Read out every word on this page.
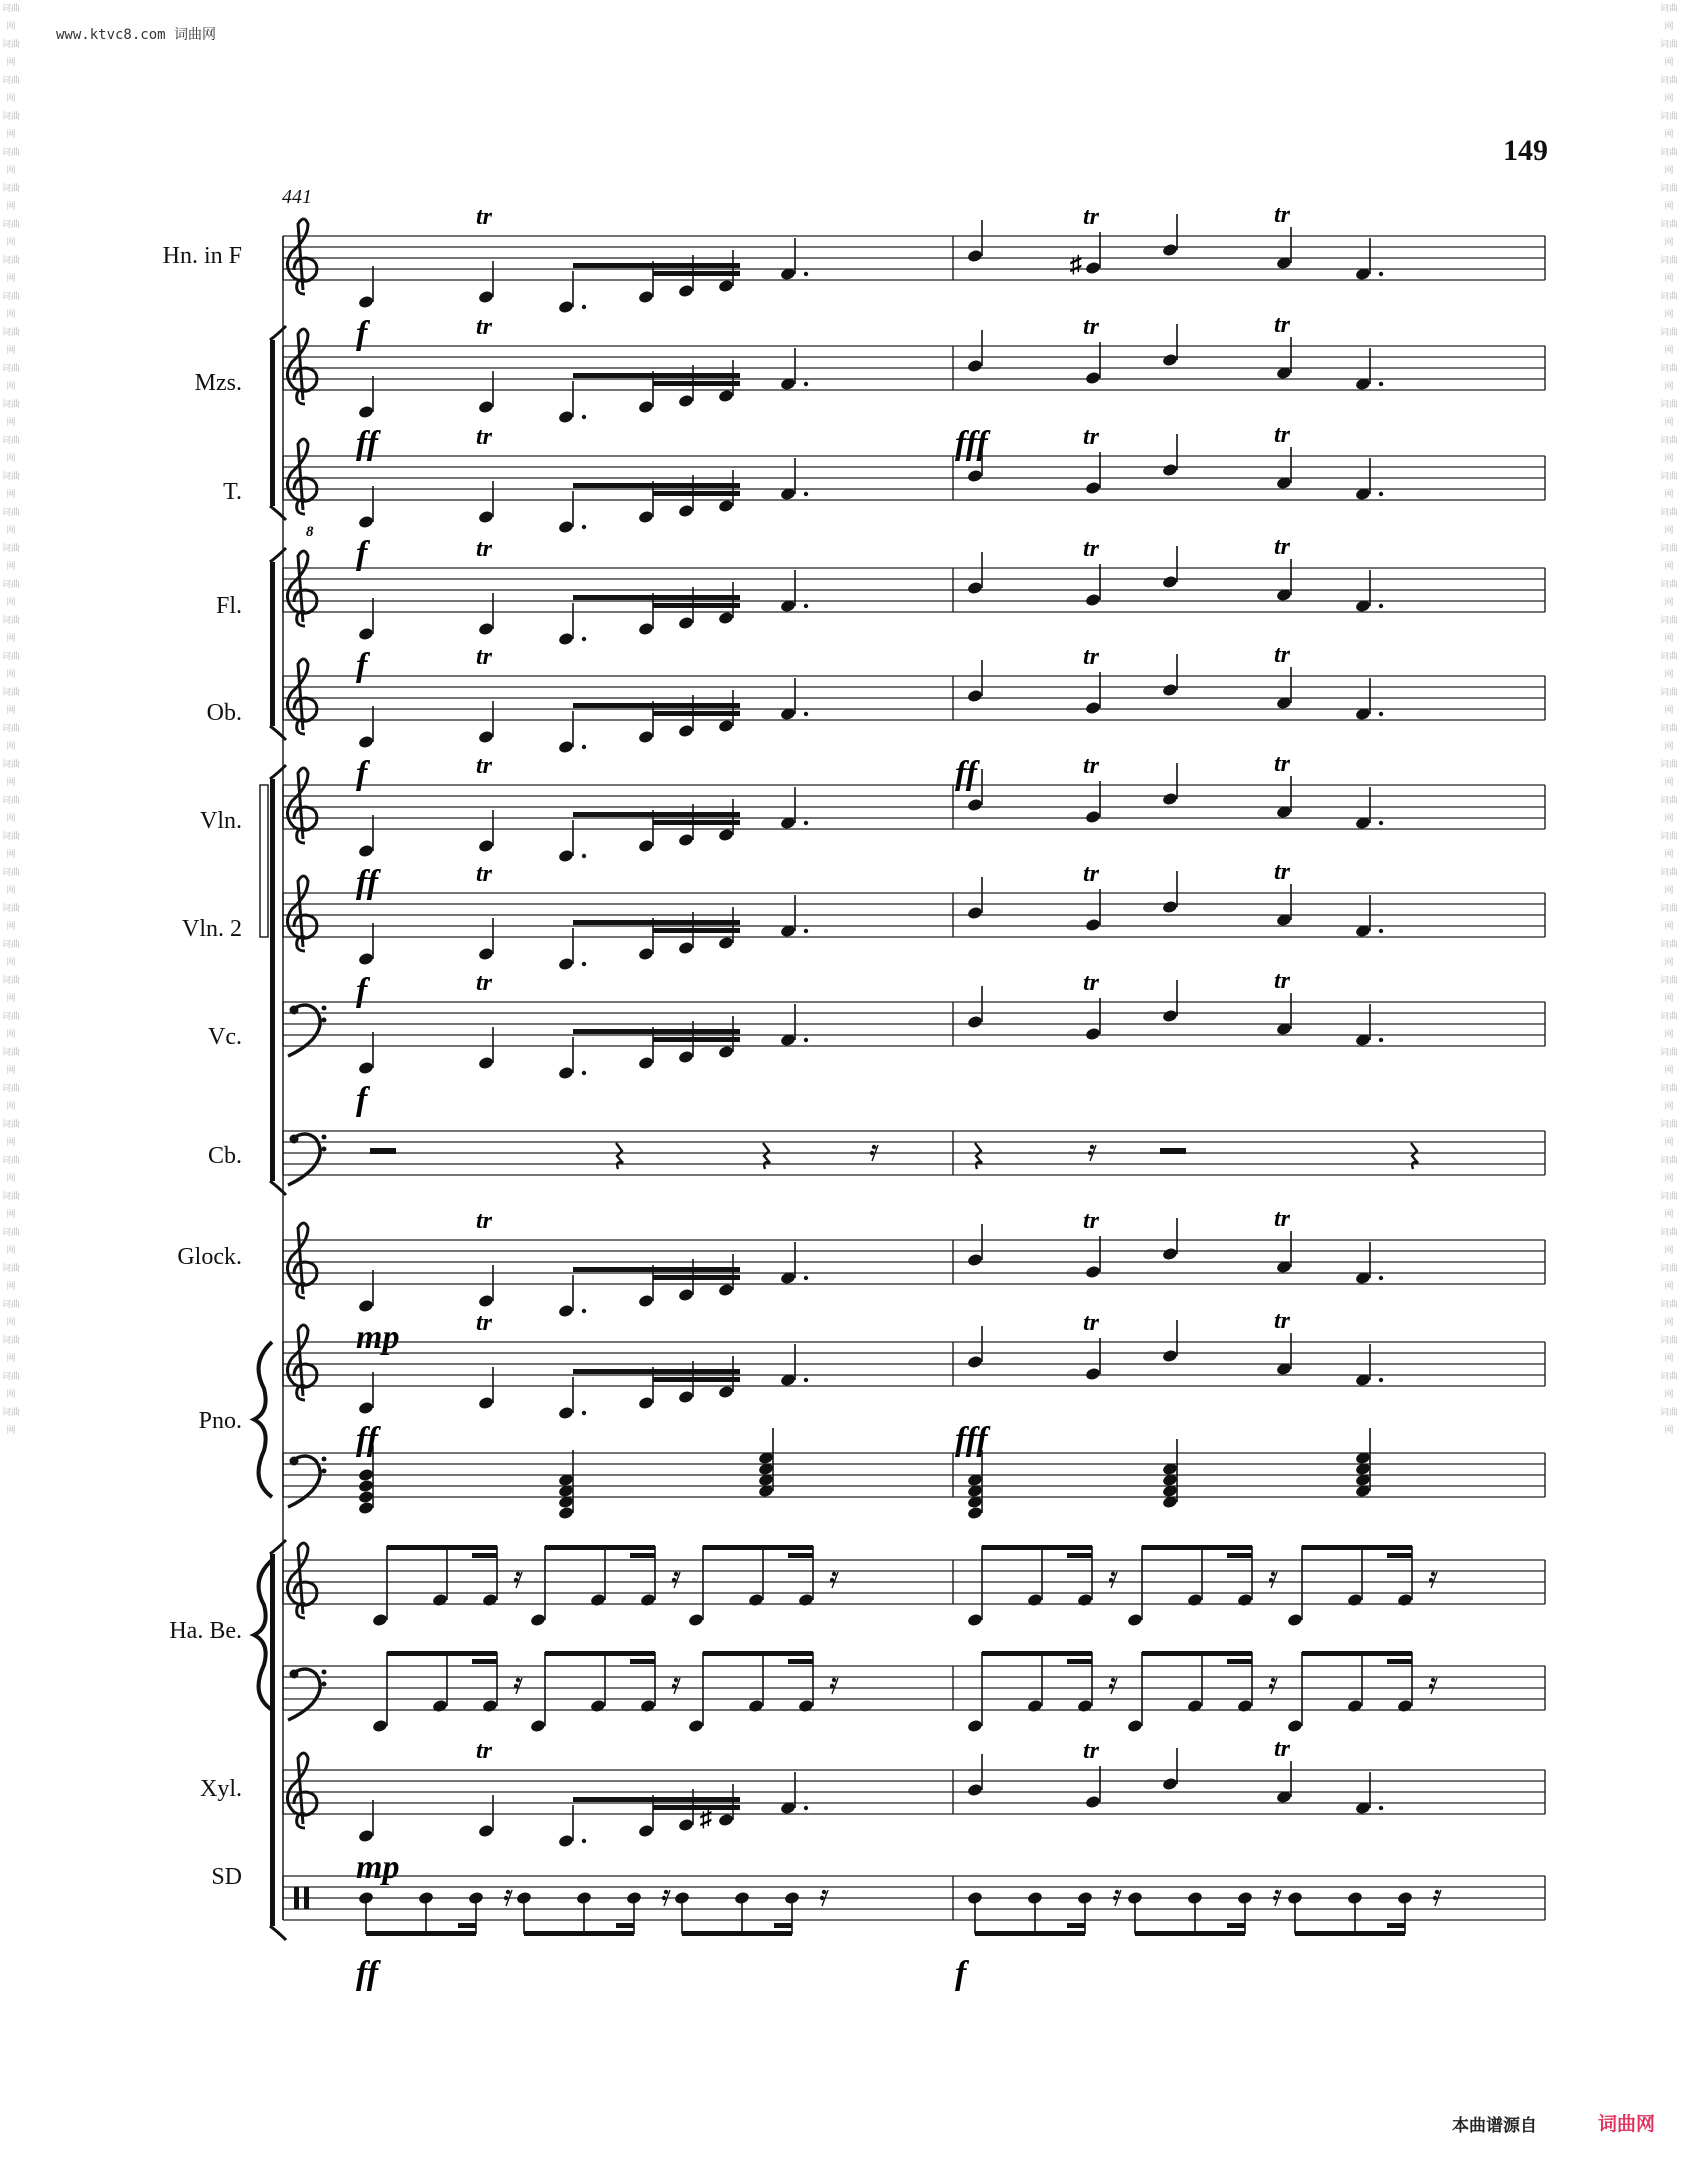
www.ktvc8.com 词曲网
149
441
Hn. in F
Mzs.
T.
Fl.
Ob.
Vln.
Vln. 2
Vc.
Cb.
Glock.
Pno.
Ha. Be.
Xyl.
SD
tr	tr	tr
♯
f	tr	tr	tr
ff	fff
8
tr	tr	tr
f	tr	tr	tr
f	tr	tr	tr
f	ff
tr	tr	tr
ff	tr	tr	tr
f	tr	tr	tr
f
tr	tr	tr
mp	tr	tr	tr
ff	fff
tr	tr	tr
♯
mp
ff	f
本曲谱源自	词曲网
词曲网 词曲网 词曲网 词曲网 词曲网 词曲网 词曲网 词曲网 词曲网 词曲网 词曲网 词曲网 词曲网 词曲网 词曲网 词曲网 词曲网 词曲网 词曲网 词曲网 词曲网 词曲网 词曲网 词曲网 词曲网 词曲网 词曲网 词曲网 词曲网 词曲网 词曲网 词曲网 词曲网 词曲网 词曲网 词曲网 词曲网 词曲网 词曲网 词曲网
词曲网 词曲网 词曲网 词曲网 词曲网 词曲网 词曲网 词曲网 词曲网 词曲网 词曲网 词曲网 词曲网 词曲网 词曲网 词曲网 词曲网 词曲网 词曲网 词曲网 词曲网 词曲网 词曲网 词曲网 词曲网 词曲网 词曲网 词曲网 词曲网 词曲网 词曲网 词曲网 词曲网 词曲网 词曲网 词曲网 词曲网 词曲网 词曲网 词曲网
